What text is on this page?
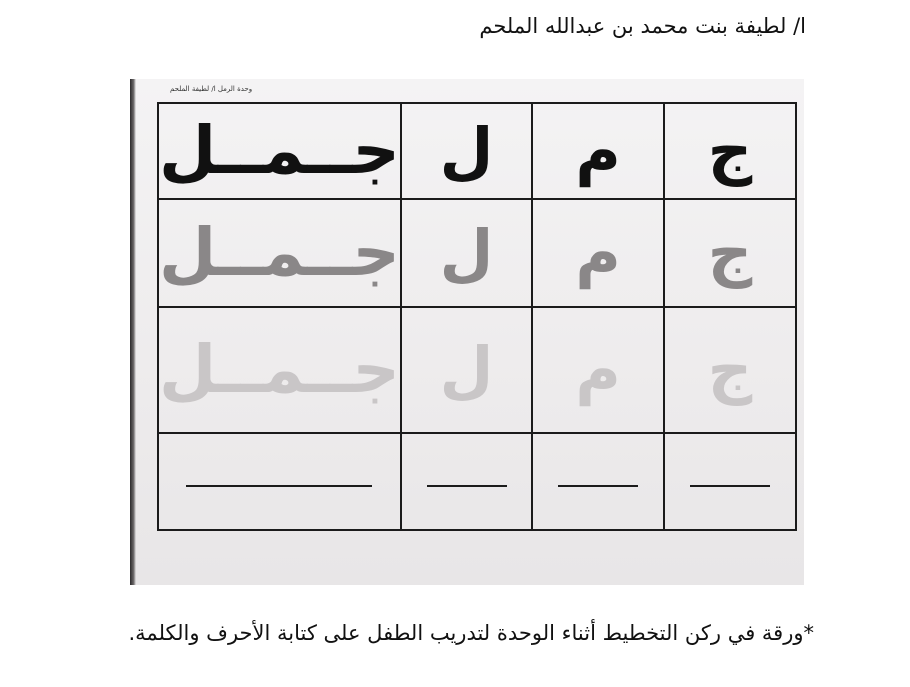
ا/ لطيفة بنت محمد بن عبدالله الملحم
وحدة الرمل ا/ لطيفة الملحم
ج	م	ل	جــمــل
ج	م	ل	جــمــل
ج	م	ل	جــمــل

*ورقة في ركن التخطيط أثناء الوحدة لتدريب الطفل على كتابة الأحرف والكلمة.
